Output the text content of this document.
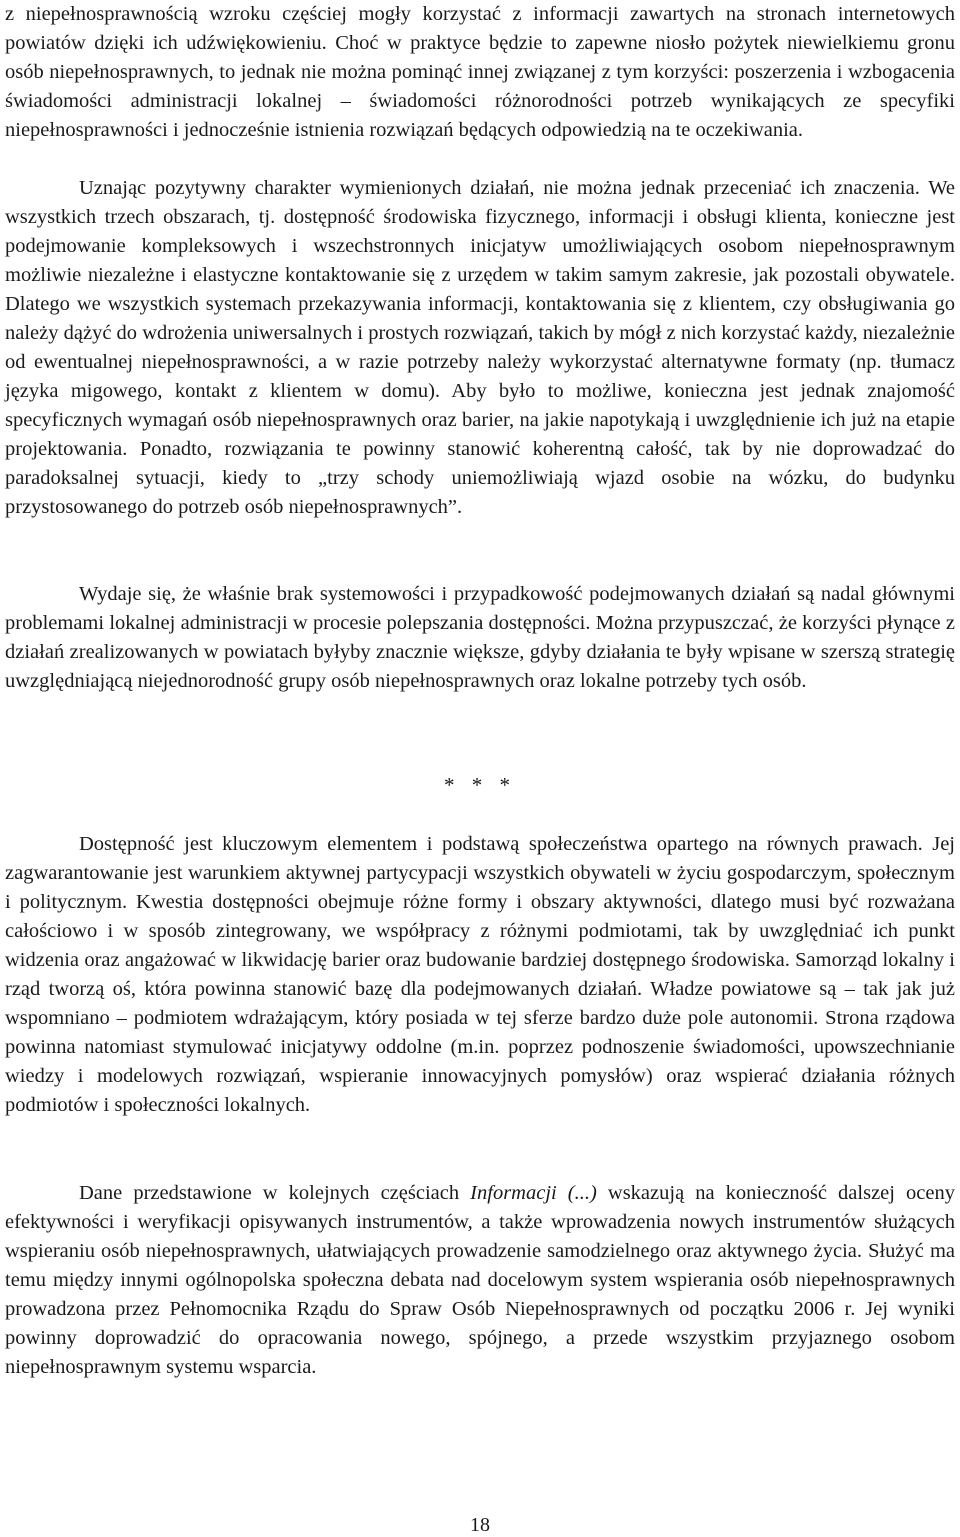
z niepełnosprawnością wzroku częściej mogły korzystać z informacji zawartych na stronach internetowych powiatów dzięki ich udźwiękowieniu. Choć w praktyce będzie to zapewne niosło pożytek niewielkiemu gronu osób niepełnosprawnych, to jednak nie można pominąć innej związanej z tym korzyści: poszerzenia i wzbogacenia świadomości administracji lokalnej – świadomości różnorodności potrzeb wynikających ze specyfiki niepełnosprawności i jednocześnie istnienia rozwiązań będących odpowiedzią na te oczekiwania.

Uznając pozytywny charakter wymienionych działań, nie można jednak przeceniać ich znaczenia. We wszystkich trzech obszarach, tj. dostępność środowiska fizycznego, informacji i obsługi klienta, konieczne jest podejmowanie kompleksowych i wszechstronnych inicjatyw umożliwiających osobom niepełnosprawnym możliwie niezależne i elastyczne kontaktowanie się z urzędem w takim samym zakresie, jak pozostali obywatele. Dlatego we wszystkich systemach przekazywania informacji, kontaktowania się z klientem, czy obsługiwania go należy dążyć do wdrożenia uniwersalnych i prostych rozwiązań, takich by mógł z nich korzystać każdy, niezależnie od ewentualnej niepełnosprawności, a w razie potrzeby należy wykorzystać alternatywne formaty (np. tłumacz języka migowego, kontakt z klientem w domu). Aby było to możliwe, konieczna jest jednak znajomość specyficznych wymagań osób niepełnosprawnych oraz barier, na jakie napotykają i uwzględnienie ich już na etapie projektowania. Ponadto, rozwiązania te powinny stanowić koherentną całość, tak by nie doprowadzać do paradoksalnej sytuacji, kiedy to „trzy schody uniemożliwiają wjazd osobie na wózku, do budynku przystosowanego do potrzeb osób niepełnosprawnych”.

Wydaje się, że właśnie brak systemowości i przypadkowość podejmowanych działań są nadal głównymi problemami lokalnej administracji w procesie polepszania dostępności. Można przypuszczać, że korzyści płynące z działań zrealizowanych w powiatach byłyby znacznie większe, gdyby działania te były wpisane w szerszą strategię uwzględniającą niejednorodność grupy osób niepełnosprawnych oraz lokalne potrzeby tych osób.

* * *

Dostępność jest kluczowym elementem i podstawą społeczeństwa opartego na równych prawach. Jej zagwarantowanie jest warunkiem aktywnej partycypacji wszystkich obywateli w życiu gospodarczym, społecznym i politycznym. Kwestia dostępności obejmuje różne formy i obszary aktywności, dlatego musi być rozważana całościowo i w sposób zintegrowany, we współpracy z różnymi podmiotami, tak by uwzględniać ich punkt widzenia oraz angażować w likwidację barier oraz budowanie bardziej dostępnego środowiska. Samorząd lokalny i rząd tworzą oś, która powinna stanowić bazę dla podejmowanych działań. Władze powiatowe są – tak jak już wspomniano – podmiotem wdrażającym, który posiada w tej sferze bardzo duże pole autonomii. Strona rządowa powinna natomiast stymulować inicjatywy oddolne (m.in. poprzez podnoszenie świadomości, upowszechnianie wiedzy i modelowych rozwiązań, wspieranie innowacyjnych pomysłów) oraz wspierać działania różnych podmiotów i społeczności lokalnych.

Dane przedstawione w kolejnych częściach Informacji (...) wskazują na konieczność dalszej oceny efektywności i weryfikacji opisywanych instrumentów, a także wprowadzenia nowych instrumentów służących wspieraniu osób niepełnosprawnych, ułatwiających prowadzenie samodzielnego oraz aktywnego życia. Służyć ma temu między innymi ogólnopolska społeczna debata nad docelowym system wspierania osób niepełnosprawnych prowadzona przez Pełnomocnika Rządu do Spraw Osób Niepełnosprawnych od początku 2006 r. Jej wyniki powinny doprowadzić do opracowania nowego, spójnego, a przede wszystkim przyjaznego osobom niepełnosprawnym systemu wsparcia.

18
